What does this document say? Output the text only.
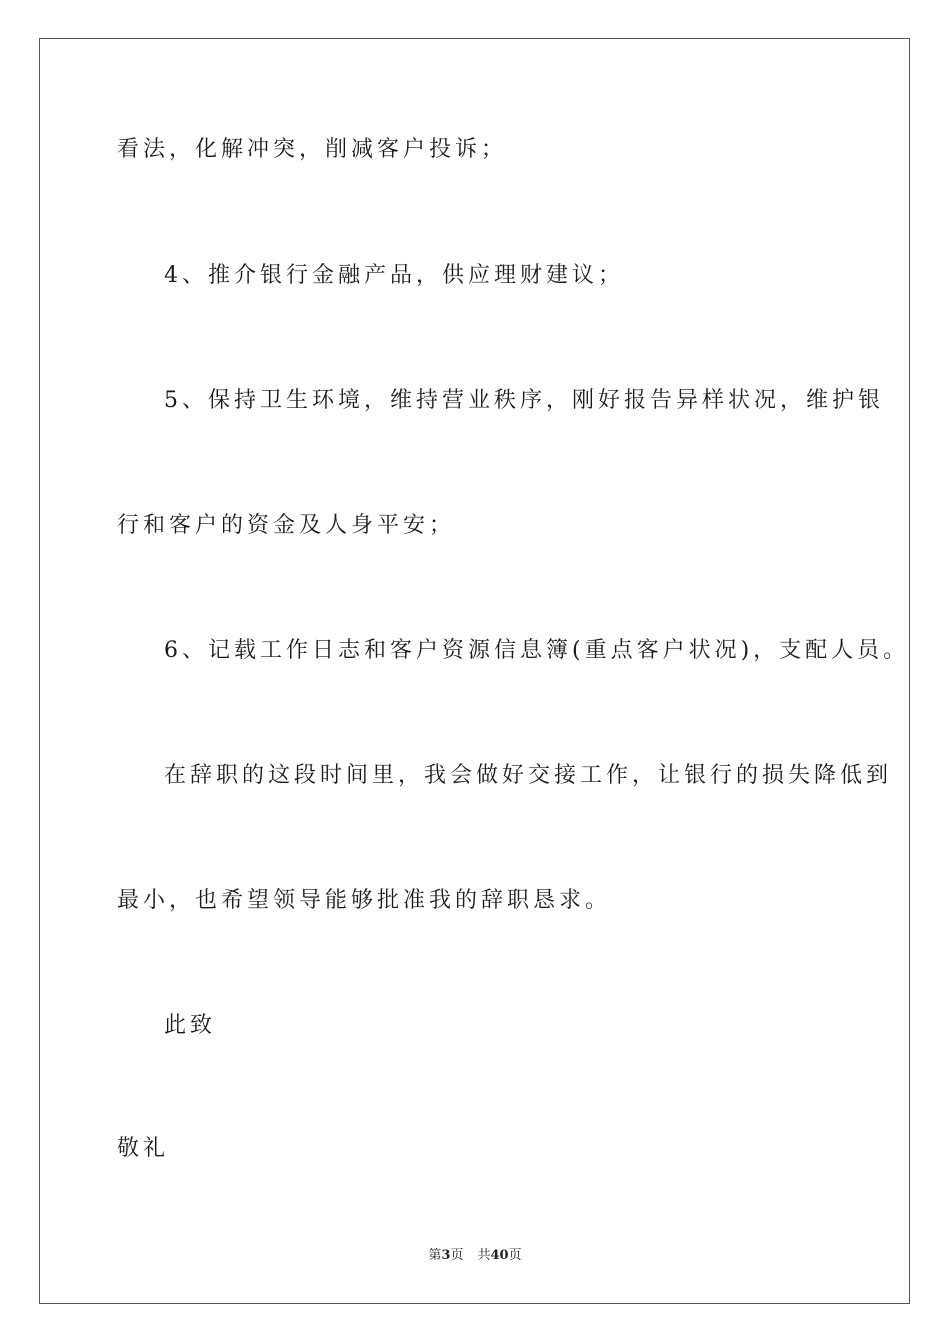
看法，化解冲突，削减客户投诉；
4、推介银行金融产品，供应理财建议；
5、保持卫生环境，维持营业秩序，刚好报告异样状况，维护银
行和客户的资金及人身平安；
6、记载工作日志和客户资源信息簿(重点客户状况)，支配人员。
在辞职的这段时间里，我会做好交接工作，让银行的损失降低到
最小，也希望领导能够批准我的辞职恳求。
此致
敬礼
第3页 共40页
